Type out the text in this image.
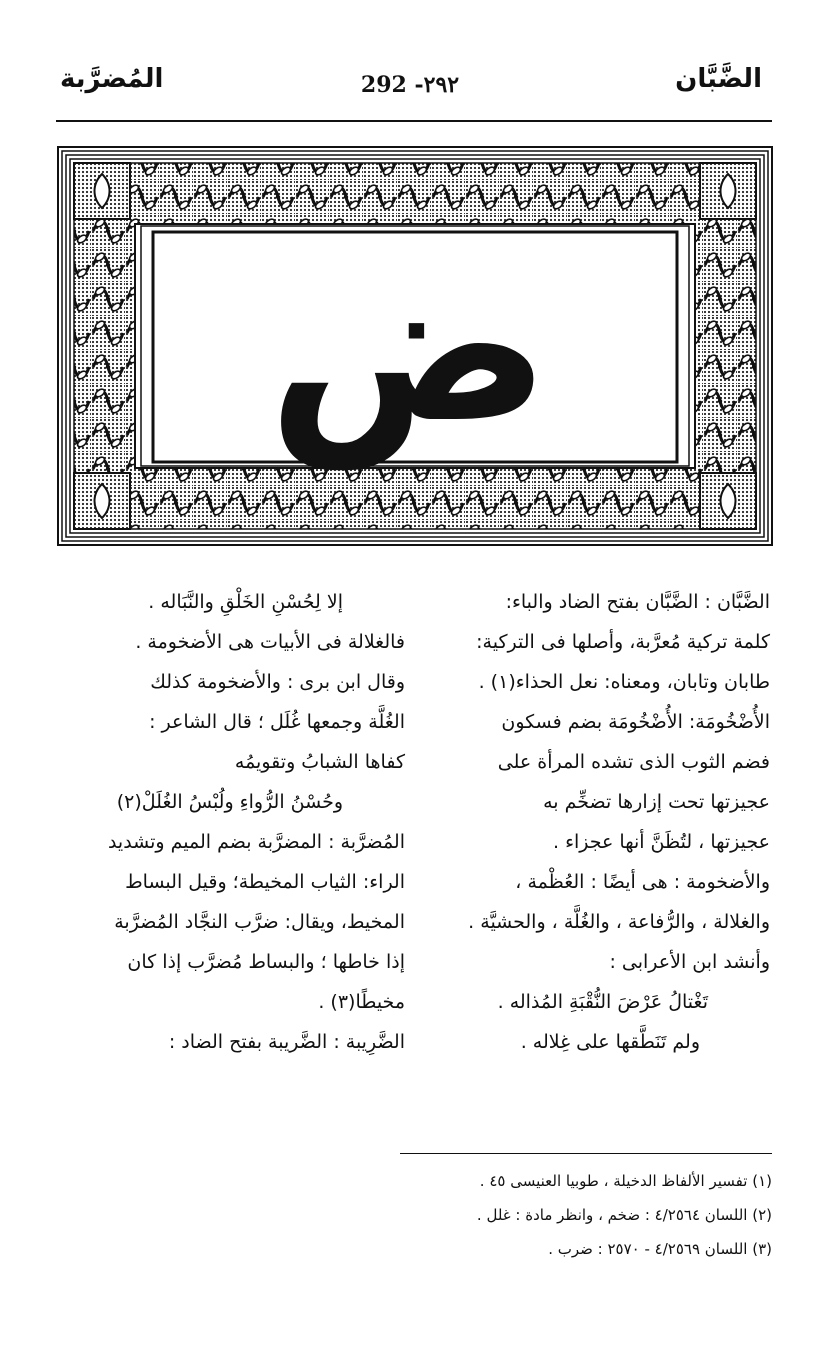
الضَّبَّان
292 -٢٩٢
المُضرَّبة
ض

الضَّبَّان : الضَّبَّان بفتح الضاد والباء:

كلمة تركية مُعرَّبة، وأصلها فى التركية:

طابان وتابان، ومعناه: نعل الحذاء(١) .

الأُضْخُومَة: الأُضْخُومَة بضم فسكون

فضم الثوب الذى تشده المرأة على

عجيزتها تحت إزارها تضخِّم به

عجيزتها ، لتُظَنَّ أنها عجزاء .

والأضخومة : هى أيضًا : العُظْمة ،

والغلالة ، والرُّفاعة ، والغُلَّة ، والحشيَّة .

وأنشد ابن الأعرابى :

تَغْتالُ عَرْضَ النُّقْبَةِ المُذاله .

ولم تَنَطَّقها على غِلاله .

إلا لِحُسْنِ الخَلْقِ والنَّبَاله .

فالغلالة فى الأبيات هى الأضخومة .

وقال ابن برى : والأضخومة كذلك

الغُلَّة وجمعها غُلَل ؛ قال الشاعر :

كفاها الشبابُ وتقويمُه

وحُسْنُ الرُّواءِ ولُبْسُ الغُلَلْ(٢)

المُضرَّبة : المضرَّبة بضم الميم وتشديد

الراء: الثياب المخيطة؛ وقيل البساط

المخيط، ويقال: ضرَّب النجَّاد المُضرَّبة

إذا خاطها ؛ والبساط مُضرَّب إذا كان

مخيطًا(٣) .

الضَّرِيبة : الضَّريبة بفتح الضاد :

(١) تفسير الألفاظ الدخيلة ، طوبيا العنيسى ٤٥ .
(٢) اللسان ٤/٢٥٦٤ : ضخم ، وانظر مادة : غلل .
(٣) اللسان ٤/٢٥٦٩ - ٢٥٧٠ : ضرب .
